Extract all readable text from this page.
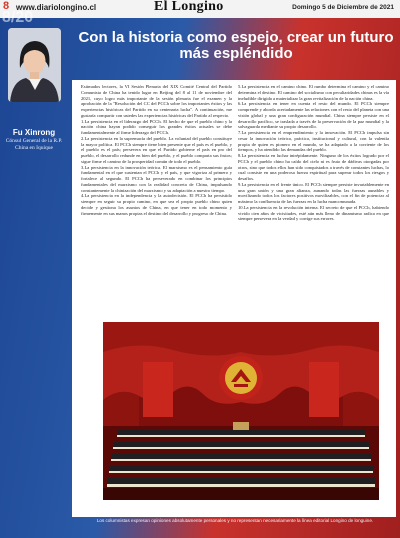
8 www.diariolongino.cl	El Longino	Domingo 5 de Diciembre de 2021
8/20
Fu Xinrong
Cónsul General de la R.P. China en Iquique
Con la historia como espejo, crear un futuro más espléndido

Estimados lectores, la VI Sesión Plenaria del XIX Comité Central del Partido Comunista de China ha tenido lugar en Beijing del 8 al 11 de noviembre del 2021, cuyo logro más importante de la sesión plenaria fue el examen y la aprobación de la "Resolución del CC del PCCh sobre los importantes éxitos y las experiencias históricas del Partido en su centenaria lucha". A continuación, me gustaría compartir con ustedes las experiencias históricas del Partido al respecto.

1.La persistencia en el liderazgo del PCCh. El hecho de que el pueblo chino y la nación china hayan podido conseguir los grandes éxitos actuales se debe fundamentalmente al firme liderazgo del PCCh.

2.La persistencia en la supremacía del pueblo. La voluntad del pueblo constituye la mayor política. El PCCh siempre tiene bien presente que el país es el pueblo, y el pueblo es el país; persevera en que el Partido gobierne el país en pro del pueblo, el desarrollo redunde en bien del pueblo, y el pueblo comparta sus frutos; sigue firme el camino de la prosperidad común de todo el pueblo.

3.La persistencia en la innovación teórica. El marxismo es el pensamiento guía fundamental en el que sustentan el PCCh y el país, y que vigoriza al primero y fortalece al segundo. El PCCh ha perseverado en combinar los principios fundamentales del marxismo con la realidad concreta de China, impulsando constantemente la chinización del marxismo y su adaptación a nuestro tiempo.

4.La persistencia en la independencia y la autodecisión. El PCCh ha persistido siempre en seguir su propio camino, en que sea el propio pueblo chino quien decide y gestiona los asuntos de China, en que tener en todo momento y firmemente en sus manos propias el destino del desarrollo y progreso de China.

5.La persistencia en el camino chino. El rumbo determina el camino y el camino determina el destino. El camino del socialismo con peculiaridades chinas es la vía ineludible dirigida a materializar la gran revitalización de la nación china.

6.La persistencia en tener en cuenta el resto del mundo. El PCCh siempre comprende y aborda acertadamente las relaciones con el resto del planeta con una visión global y una gran configuración mundial. China siempre persiste en el desarrollo pacífico, se traslada a través de la preservación de la paz mundial y la salvaguarda mediante su propio desarrollo.

7.La persistencia en el emprendimiento y la innovación. El PCCh impulsa sin cesar la innovación teórica, práctica, institucional y cultural, con la valentía propia de quien es pionero en el mundo, se ha adaptado a la corriente de los tiempos, y ha atendido las demandas del pueblo.

8.La persistencia en luchar intrépidamente. Ninguno de los éxitos logrado por el PCCh y el pueblo chino ha caído del cielo ni es fruto de dádivas otorgadas por otros, sino que todos ellos han sido conquistados a través de constantes luchas, lo cual consiste en una poderosa fuerza espiritual para superar todos los riesgos y desafíos.

9.La persistencia en el frente único. El PCCh siempre persiste invariablemente en una gran unión y una gran alianza, aunando todas las fuerzas aunables y movilizando todos los factores positivos movilizables, con el fin de potenciar al máximo la confluencia de las fuerzas en la lucha mancomunada.

10.La persistencia en la revolución interna. El secreto de que el PCCh, habiendo vivido cien años de vicisitudes, esté aún más lleno de dinamismo radica en que siempre persevera en la verdad y corrige sus errores.

Los columnistas expresan opiniones absolutamente personales y no representan necesariamente la línea editorial Longino de longuine.
